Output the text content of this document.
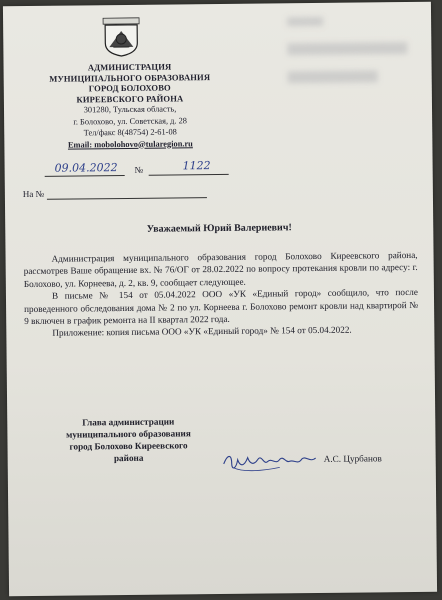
АДМИНИСТРАЦИЯ
МУНИЦИПАЛЬНОГО ОБРАЗОВАНИЯ
ГОРОД БОЛОХОВО
КИРЕЕВСКОГО РАЙОНА
301280, Тульская область,
г. Болохово, ул. Советская, д. 28
Тел/факс 8(48754) 2-61-08
Email: mobolohovo@tularegion.ru
09.04.2022 №	1122
На №
Уважаемый Юрий Валериевич!

Администрация муниципального образования город Болохово Киреевского района, рассмотрев Ваше обращение вх. № 76/ОГ от 28.02.2022 по вопросу протекания кровли по адресу: г. Болохово, ул. Корнеева, д. 2, кв. 9, сообщает следующее.

В письме № 154 от 05.04.2022 ООО «УК «Единый город» сообщило, что после проведенного обследования дома № 2 по ул. Корнеева г. Болохово ремонт кровли над квартирой № 9 включен в график ремонта на II квартал 2022 года.

Приложение: копия письма ООО «УК «Единый город» № 154 от 05.04.2022.

Глава администрации
муниципального образования
город Болохово Киреевского
района	А.С. Цурбанов
